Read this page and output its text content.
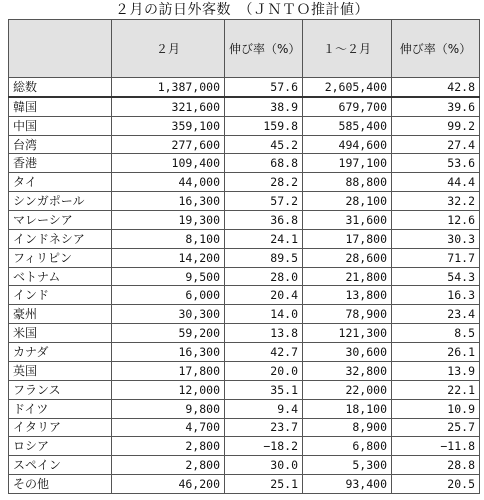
２月の訪日外客数　（ＪＮＴＯ推計値）
	２月	伸び率（%）	１～２月	伸び率（%）
総数	1,387,000	57.6	2,605,400	42.8
韓国	321,600	38.9	679,700	39.6
中国	359,100	159.8	585,400	99.2
台湾	277,600	45.2	494,600	27.4
香港	109,400	68.8	197,100	53.6
タイ	44,000	28.2	88,800	44.4
シンガポール	16,300	57.2	28,100	32.2
マレーシア	19,300	36.8	31,600	12.6
インドネシア	8,100	24.1	17,800	30.3
フィリピン	14,200	89.5	28,600	71.7
ベトナム	9,500	28.0	21,800	54.3
インド	6,000	20.4	13,800	16.3
豪州	30,300	14.0	78,900	23.4
米国	59,200	13.8	121,300	8.5
カナダ	16,300	42.7	30,600	26.1
英国	17,800	20.0	32,800	13.9
フランス	12,000	35.1	22,000	22.1
ドイツ	9,800	9.4	18,100	10.9
イタリア	4,700	23.7	8,900	25.7
ロシア	2,800	−18.2	6,800	−11.8
スペイン	2,800	30.0	5,300	28.8
その他	46,200	25.1	93,400	20.5
